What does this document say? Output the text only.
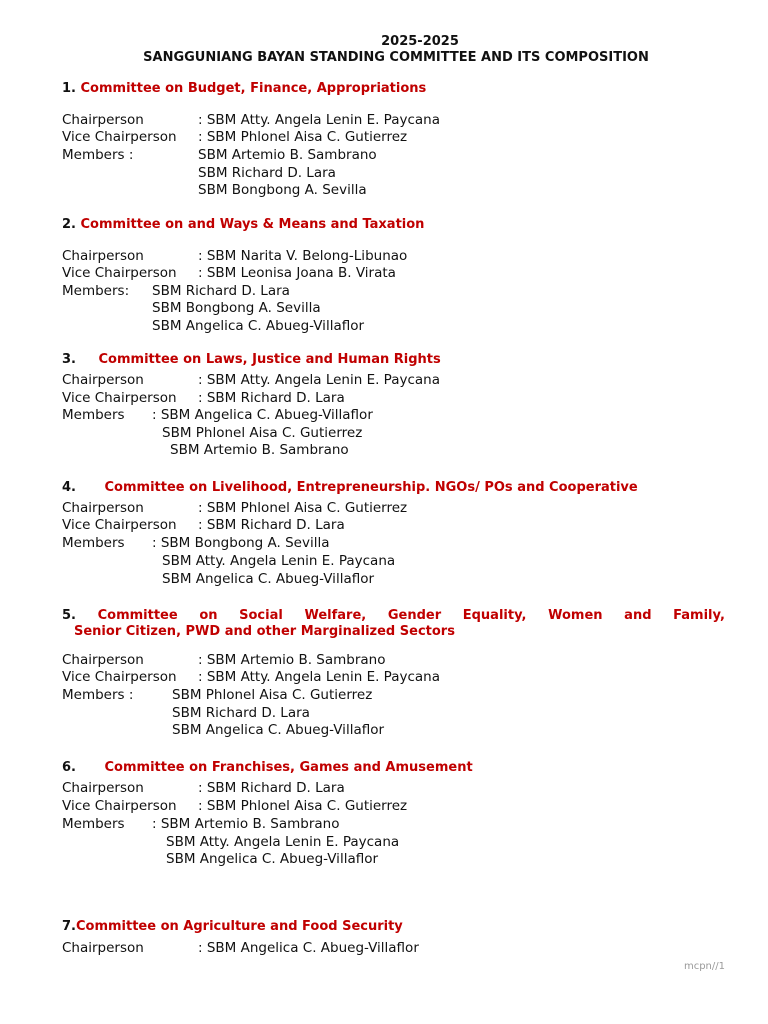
2025-2025
SANGGUNIANG BAYAN STANDING COMMITTEE AND ITS COMPOSITION
1. Committee on Budget, Finance, Appropriations
Chairperson	: SBM Atty. Angela Lenin E. Paycana
Vice Chairperson : SBM Phlonel Aisa C. Gutierrez
Members :	SBM Artemio B. Sambrano
SBM Richard D. Lara
SBM Bongbong A. Sevilla
2. Committee on and Ways & Means and Taxation
Chairperson	: SBM Narita V. Belong-Libunao
Vice Chairperson : SBM Leonisa Joana B. Virata
Members: SBM Richard D. Lara
SBM Bongbong A. Sevilla
SBM Angelica C. Abueg-Villaflor
3. Committee on Laws, Justice and Human Rights
Chairperson	: SBM Atty. Angela Lenin E. Paycana
Vice Chairperson : SBM Richard D. Lara
Members : SBM Angelica C. Abueg-Villaflor
SBM Phlonel Aisa C. Gutierrez
SBM Artemio B. Sambrano
4. Committee on Livelihood, Entrepreneurship. NGOs/ POs and Cooperative
Chairperson	: SBM Phlonel Aisa C. Gutierrez
Vice Chairperson : SBM Richard D. Lara
Members : SBM Bongbong A. Sevilla
SBM Atty. Angela Lenin E. Paycana
SBM Angelica C. Abueg-Villaflor
5. Committee on Social Welfare, Gender Equality, Women and Family,
Senior Citizen, PWD and other Marginalized Sectors
Chairperson	: SBM Artemio B. Sambrano
Vice Chairperson : SBM Atty. Angela Lenin E. Paycana
Members :	SBM Phlonel Aisa C. Gutierrez
SBM Richard D. Lara
SBM Angelica C. Abueg-Villaflor
6. Committee on Franchises, Games and Amusement
Chairperson	: SBM Richard D. Lara
Vice Chairperson : SBM Phlonel Aisa C. Gutierrez
Members : SBM Artemio B. Sambrano
SBM Atty. Angela Lenin E. Paycana
SBM Angelica C. Abueg-Villaflor
7.Committee on Agriculture and Food Security
Chairperson	: SBM Angelica C. Abueg-Villaflor
mcpn//1
